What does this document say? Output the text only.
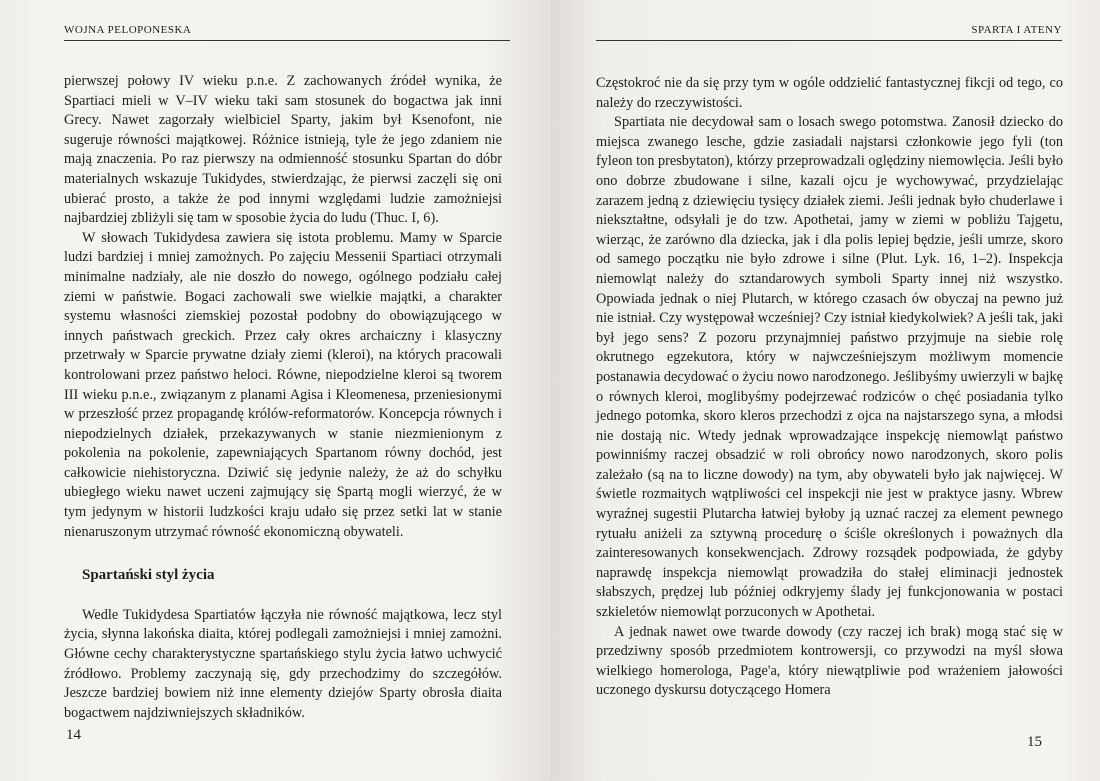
WOJNA PELOPONESKA

pierwszej połowy IV wieku p.n.e. Z zachowanych źródeł wynika, że Spartiaci mieli w V–IV wieku taki sam stosunek do bogactwa jak inni Grecy. Nawet zagorzały wielbiciel Sparty, jakim był Ksenofont, nie sugeruje równości majątkowej. Różnice istnieją, tyle że jego zdaniem nie mają znaczenia. Po raz pierwszy na odmienność stosunku Spartan do dóbr materialnych wskazuje Tukidydes, stwierdzając, że pierwsi zaczęli się oni ubierać prosto, a także że pod innymi względami ludzie zamożniejsi najbardziej zbliżyli się tam w sposobie życia do ludu (Thuc. I, 6).

W słowach Tukidydesa zawiera się istota problemu. Mamy w Sparcie ludzi bardziej i mniej zamożnych. Po zajęciu Messenii Spartiaci otrzymali minimalne nadziały, ale nie doszło do nowego, ogólnego podziału całej ziemi w państwie. Bogaci zachowali swe wielkie majątki, a charakter systemu własności ziemskiej pozostał podobny do obowiązującego w innych państwach greckich. Przez cały okres archaiczny i klasyczny przetrwały w Sparcie prywatne działy ziemi (kleroi), na których pracowali kontrolowani przez państwo heloci. Równe, niepodzielne kleroi są tworem III wieku p.n.e., związanym z planami Agisa i Kleomenesa, przeniesionymi w przeszłość przez propagandę królów-reformatorów. Koncepcja równych i niepodzielnych działek, przekazywanych w stanie niezmienionym z pokolenia na pokolenie, zapewniających Spartanom równy dochód, jest całkowicie niehistoryczna. Dziwić się jedynie należy, że aż do schyłku ubiegłego wieku nawet uczeni zajmujący się Spartą mogli wierzyć, że w tym jedynym w historii ludzkości kraju udało się przez setki lat w stanie nienaruszonym utrzymać równość ekonomiczną obywateli.

Spartański styl życia

Wedle Tukidydesa Spartiatów łączyła nie równość majątkowa, lecz styl życia, słynna lakońska diaita, której podlegali zamożniejsi i mniej zamożni. Główne cechy charakterystyczne spartańskiego stylu życia łatwo uchwycić źródłowo. Problemy zaczynają się, gdy przechodzimy do szczegółów. Jeszcze bardziej bowiem niż inne elementy dziejów Sparty obrosła diaita bogactwem najdziwniejszych składników.

14
SPARTA I ATENY

Częstokroć nie da się przy tym w ogóle oddzielić fantastycznej fikcji od tego, co należy do rzeczywistości.

Spartiata nie decydował sam o losach swego potomstwa. Zanosił dziecko do miejsca zwanego lesche, gdzie zasiadali najstarsi członkowie jego fyli (ton fyleon ton presbytaton), którzy przeprowadzali oględziny niemowlęcia. Jeśli było ono dobrze zbudowane i silne, kazali ojcu je wychowywać, przydzielając zarazem jedną z dziewięciu tysięcy działek ziemi. Jeśli jednak było chuderlawe i niekształtne, odsyłali je do tzw. Apothetai, jamy w ziemi w pobliżu Tajgetu, wierząc, że zarówno dla dziecka, jak i dla polis lepiej będzie, jeśli umrze, skoro od samego początku nie było zdrowe i silne (Plut. Lyk. 16, 1–2). Inspekcja niemowląt należy do sztandarowych symboli Sparty innej niż wszystko. Opowiada jednak o niej Plutarch, w którego czasach ów obyczaj na pewno już nie istniał. Czy występował wcześniej? Czy istniał kiedykolwiek? A jeśli tak, jaki był jego sens? Z pozoru przynajmniej państwo przyjmuje na siebie rolę okrutnego egzekutora, który w najwcześniejszym możliwym momencie postanawia decydować o życiu nowo narodzonego. Jeślibyśmy uwierzyli w bajkę o równych kleroi, moglibyśmy podejrzewać rodziców o chęć posiadania tylko jednego potomka, skoro kleros przechodzi z ojca na najstarszego syna, a młodsi nie dostają nic. Wtedy jednak wprowadzające inspekcję niemowląt państwo powinniśmy raczej obsadzić w roli obrońcy nowo narodzonych, skoro polis zależało (są na to liczne dowody) na tym, aby obywateli było jak najwięcej. W świetle rozmaitych wątpliwości cel inspekcji nie jest w praktyce jasny. Wbrew wyraźnej sugestii Plutarcha łatwiej byłoby ją uznać raczej za element pewnego rytuału aniżeli za sztywną procedurę o ściśle określonych i poważnych dla zainteresowanych konsekwencjach. Zdrowy rozsądek podpowiada, że gdyby naprawdę inspekcja niemowląt prowadziła do stałej eliminacji jednostek słabszych, prędzej lub później odkryjemy ślady jej funkcjonowania w postaci szkieletów niemowląt porzuconych w Apothetai.

A jednak nawet owe twarde dowody (czy raczej ich brak) mogą stać się w przedziwny sposób przedmiotem kontrowersji, co przywodzi na myśl słowa wielkiego homerologa, Page'a, który niewątpliwie pod wrażeniem jałowości uczonego dyskursu dotyczącego Homera

15
